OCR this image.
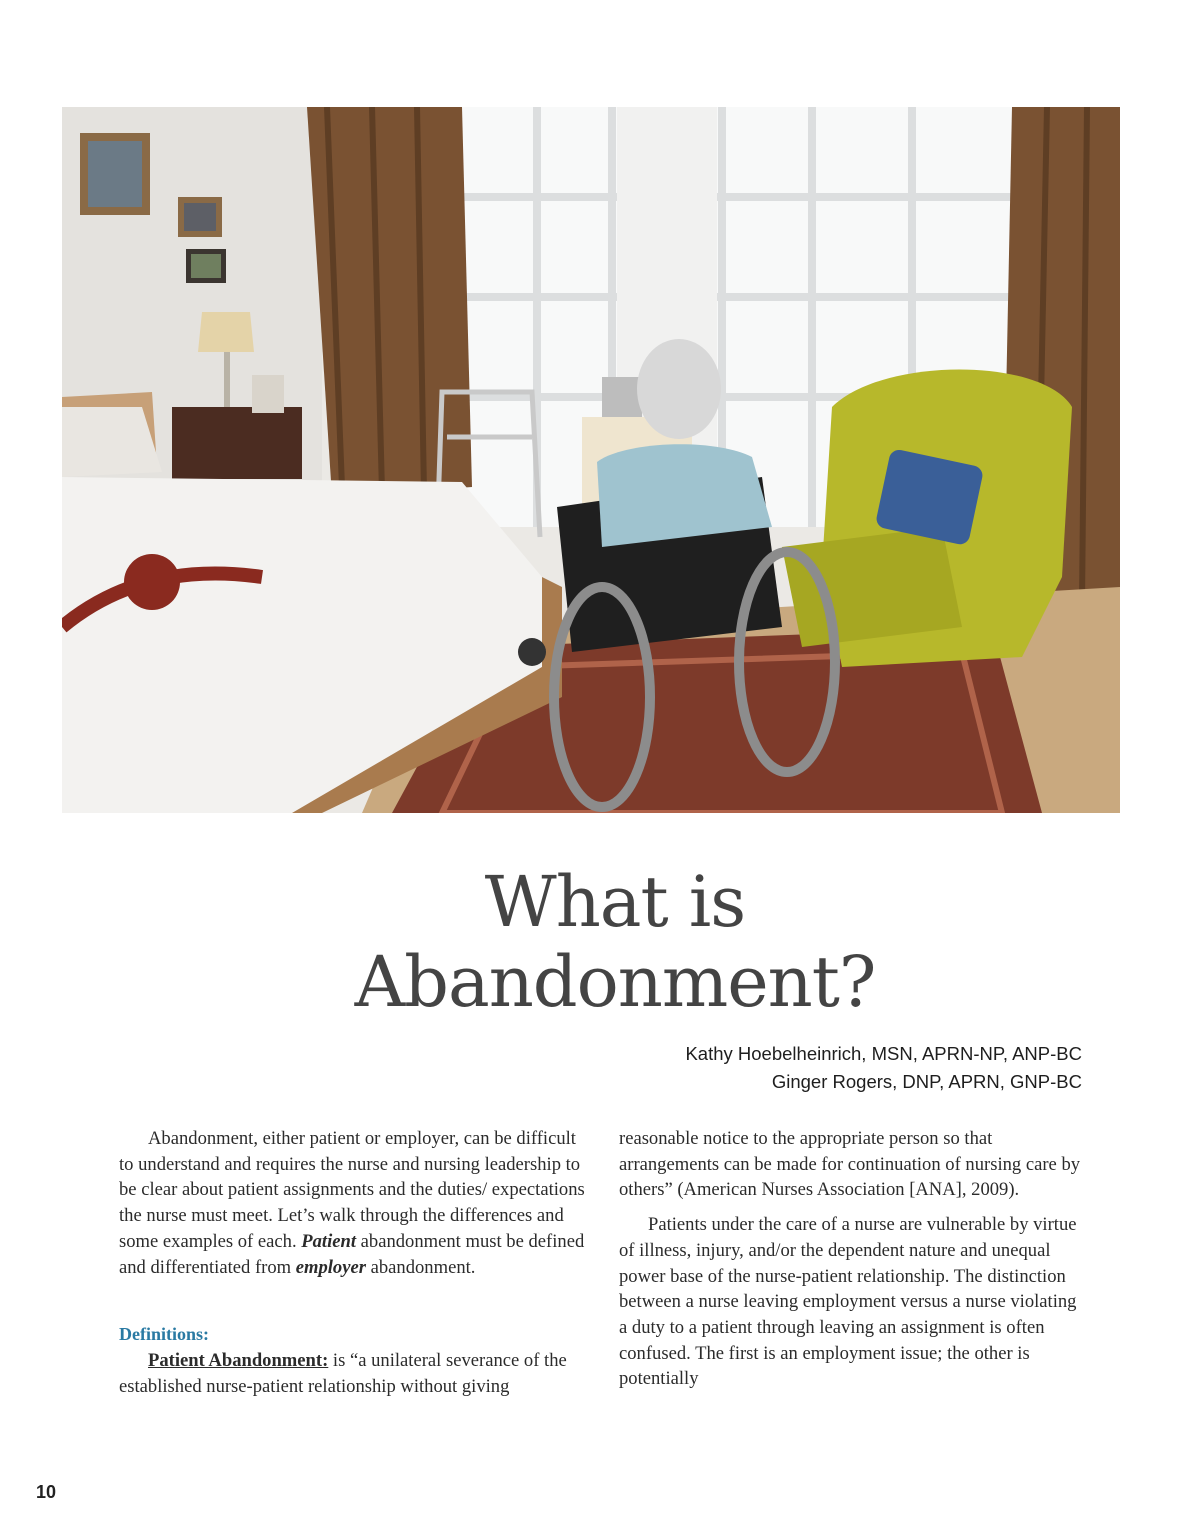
What is
Abandonment?
Kathy Hoebelheinrich, MSN, APRN-NP, ANP-BC
Ginger Rogers, DNP, APRN, GNP-BC

Abandonment, either patient or employer, can be difficult to understand and requires the nurse and nursing leadership to be clear about patient assignments and the duties/ expectations the nurse must meet. Let’s walk through the differences and some examples of each. Patient abandonment must be defined and differentiated from employer abandonment.

Definitions:

Patient Abandonment: is “a unilateral severance of the established nurse-patient relationship without giving

reasonable notice to the appropriate person so that arrangements can be made for continuation of nursing care by others” (American Nurses Association [ANA], 2009).

Patients under the care of a nurse are vulnerable by virtue of illness, injury, and/or the dependent nature and unequal power base of the nurse-patient relationship. The distinction between a nurse leaving employment versus a nurse violating a duty to a patient through leaving an assignment is often confused. The first is an employment issue; the other is potentially

10
